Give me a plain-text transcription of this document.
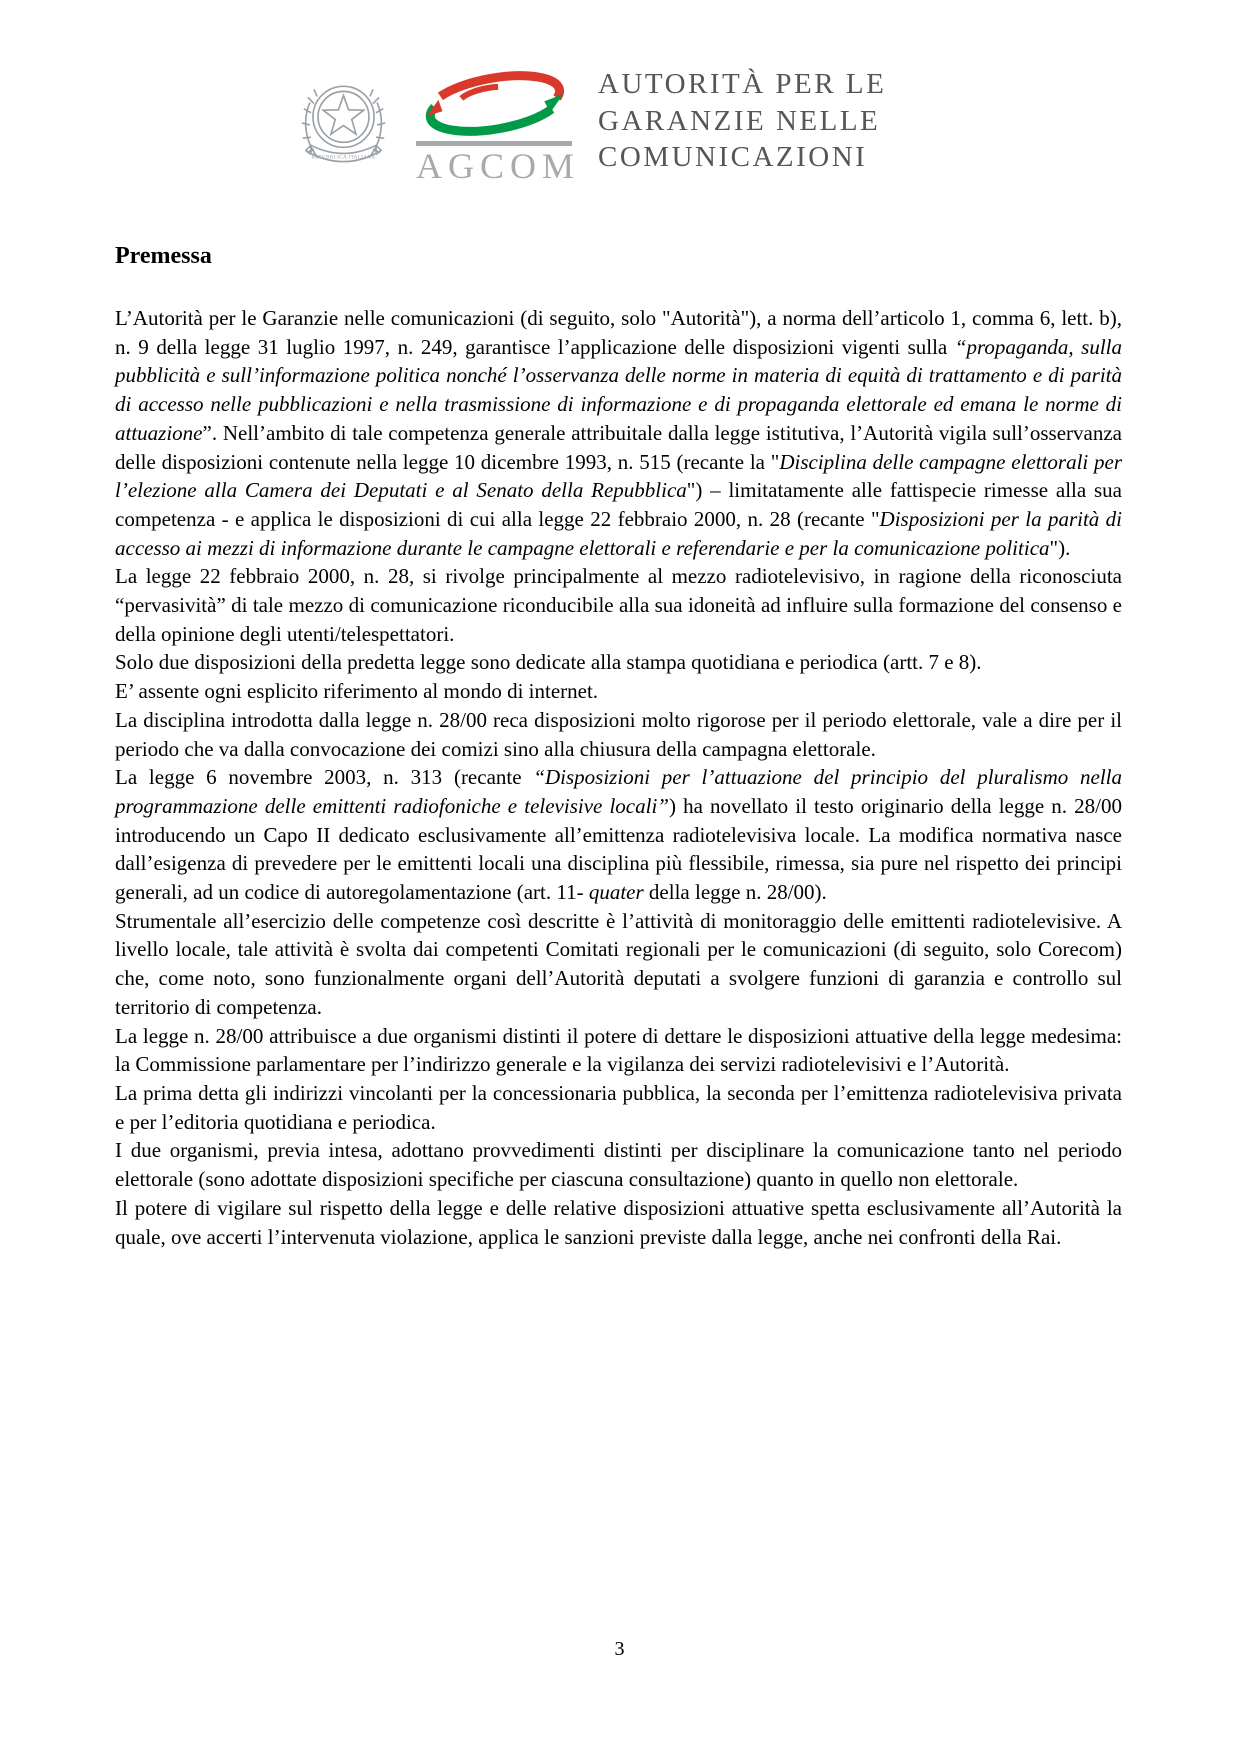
REPVBBLICA ITALIANA AGCOM
AUTORITÀ PER LE
GARANZIE NELLE
COMUNICAZIONI
Premessa

L’Autorità per le Garanzie nelle comunicazioni (di seguito, solo "Autorità"), a norma dell’articolo 1, comma 6, lett. b), n. 9 della legge 31 luglio 1997, n. 249, garantisce l’applicazione delle disposizioni vigenti sulla “propaganda, sulla pubblicità e sull’informazione politica nonché l’osservanza delle norme in materia di equità di trattamento e di parità di accesso nelle pubblicazioni e nella trasmissione di informazione e di propaganda elettorale ed emana le norme di attuazione”. Nell’ambito di tale competenza generale attribuitale dalla legge istitutiva, l’Autorità vigila sull’osservanza delle disposizioni contenute nella legge 10 dicembre 1993, n. 515 (recante la "Disciplina delle campagne elettorali per l’elezione alla Camera dei Deputati e al Senato della Repubblica") – limitatamente alle fattispecie rimesse alla sua competenza - e applica le disposizioni di cui alla legge 22 febbraio 2000, n. 28 (recante "Disposizioni per la parità di accesso ai mezzi di informazione durante le campagne elettorali e referendarie e per la comunicazione politica").

La legge 22 febbraio 2000, n. 28, si rivolge principalmente al mezzo radiotelevisivo, in ragione della riconosciuta “pervasività” di tale mezzo di comunicazione riconducibile alla sua idoneità ad influire sulla formazione del consenso e della opinione degli utenti/telespettatori.

Solo due disposizioni della predetta legge sono dedicate alla stampa quotidiana e periodica (artt. 7 e 8).

E’ assente ogni esplicito riferimento al mondo di internet.

La disciplina introdotta dalla legge n. 28/00 reca disposizioni molto rigorose per il periodo elettorale, vale a dire per il periodo che va dalla convocazione dei comizi sino alla chiusura della campagna elettorale.

La legge 6 novembre 2003, n. 313 (recante “Disposizioni per l’attuazione del principio del pluralismo nella programmazione delle emittenti radiofoniche e televisive locali”) ha novellato il testo originario della legge n. 28/00 introducendo un Capo II dedicato esclusivamente all’emittenza radiotelevisiva locale. La modifica normativa nasce dall’esigenza di prevedere per le emittenti locali una disciplina più flessibile, rimessa, sia pure nel rispetto dei principi generali, ad un codice di autoregolamentazione (art. 11- quater della legge n. 28/00).

Strumentale all’esercizio delle competenze così descritte è l’attività di monitoraggio delle emittenti radiotelevisive. A livello locale, tale attività è svolta dai competenti Comitati regionali per le comunicazioni (di seguito, solo Corecom) che, come noto, sono funzionalmente organi dell’Autorità deputati a svolgere funzioni di garanzia e controllo sul territorio di competenza.

La legge n. 28/00 attribuisce a due organismi distinti il potere di dettare le disposizioni attuative della legge medesima: la Commissione parlamentare per l’indirizzo generale e la vigilanza dei servizi radiotelevisivi e l’Autorità.

La prima detta gli indirizzi vincolanti per la concessionaria pubblica, la seconda per l’emittenza radiotelevisiva privata e per l’editoria quotidiana e periodica.

I due organismi, previa intesa, adottano provvedimenti distinti per disciplinare la comunicazione tanto nel periodo elettorale (sono adottate disposizioni specifiche per ciascuna consultazione) quanto in quello non elettorale.

Il potere di vigilare sul rispetto della legge e delle relative disposizioni attuative spetta esclusivamente all’Autorità la quale, ove accerti l’intervenuta violazione, applica le sanzioni previste dalla legge, anche nei confronti della Rai.

3
